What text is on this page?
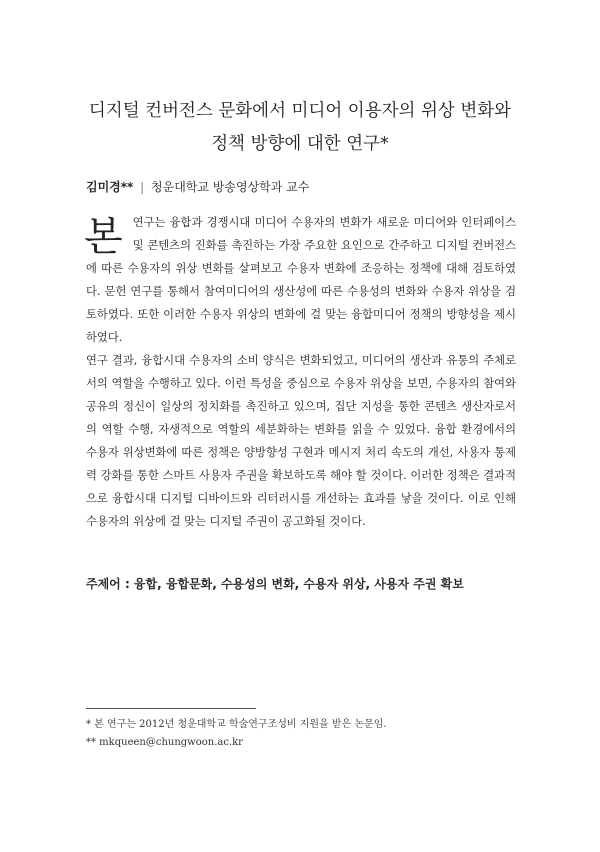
디지털 컨버전스 문화에서 미디어 이용자의 위상 변화와
정책 방향에 대한 연구*
김미경** | 청운대학교 방송영상학과 교수

본연구는 융합과 경쟁시대 미디어 수용자의 변화가 새로운 미디어와 인터페이스 및 콘텐츠의 진화를 촉진하는 가장 주요한 요인으로 간주하고 디지털 컨버전스에 따른 수용자의 위상 변화를 살펴보고 수용자 변화에 조응하는 정책에 대해 검토하였다. 문헌 연구를 통해서 참여미디어의 생산성에 따른 수용성의 변화와 수용자 위상을 검토하였다. 또한 이러한 수용자 위상의 변화에 걸 맞는 융합미디어 정책의 방향성을 제시하였다.

연구 결과, 융합시대 수용자의 소비 양식은 변화되었고, 미디어의 생산과 유통의 주체로서의 역할을 수행하고 있다. 이런 특성을 중심으로 수용자 위상을 보면, 수용자의 참여와 공유의 정신이 일상의 정치화를 촉진하고 있으며, 집단 지성을 통한 콘텐츠 생산자로서의 역할 수행, 자생적으로 역할의 세분화하는 변화를 읽을 수 있었다. 융합 환경에서의 수용자 위상변화에 따른 정책은 양방향성 구현과 메시지 처리 속도의 개선, 사용자 통제력 강화를 통한 스마트 사용자 주권을 확보하도록 해야 할 것이다. 이러한 정책은 결과적으로 융합시대 디지털 디바이드와 리터러시를 개선하는 효과를 낳을 것이다. 이로 인해 수용자의 위상에 걸 맞는 디지털 주권이 공고화될 것이다.

주제어 : 융합, 융합문화, 수용성의 변화, 수용자 위상, 사용자 주권 확보
* 본 연구는 2012년 청운대학교 학술연구조성비 지원을 받은 논문임.
** mkqueen@chungwoon.ac.kr
